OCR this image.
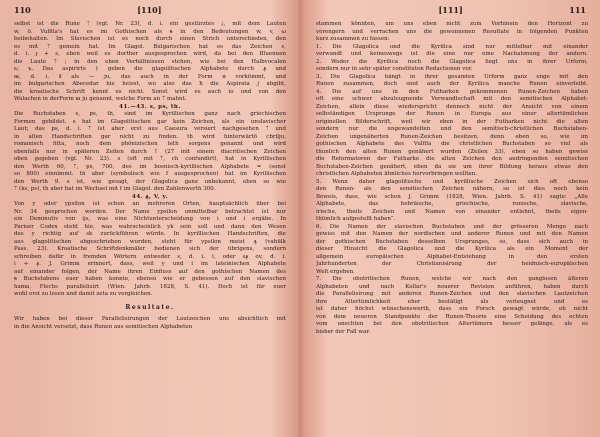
110	[110]
selbst ist die Rune ᛉ (vgl. Nr. 23), d. i. ein gestürztes ᛣ, mit dem Lauten
w, ō. Vulfila's hat es im Gothischen als ꞩ in den Bedeutungen w, v, ω
beibehalten. Im Slavischen ist es noch durch einen Strich unterschieden, den
es mit ᛘ gemein hat. Im Glagol. Bulgarischen hat es das Zeichen ꙅ,
d. i. ɟ + ꙅ, eben weil es dorther ausgesprochen wird, da bei den Bluennen
die Laute ᛘ ; in den eben Verhältnissen stehen, wie bei den Halbvocalen
ь; ъ. Das aspirirte ᛒ geben die glagolitischen Alphabete durch ꙟ und
ꙗ, d. i. ꙋ als — ju, das auch in der Form ꙩ vorkömmt, und
im bulgarischen Abecedar hie heisst, wo also das ħ die Aspirata j abgibt,
die kroatische Schrift kennt es nicht. Sonst wird es auch io und von den
Walachen in derForm ꙗ ju genannt, welche Form an ᛘ mahnt.
41.—43. s, ps, th.
Die Buchstaben s, ps, th, sind im Kyrillischen ganz nach griechischen
Formen gebildet. s hat im Glagolitischen gar kein Zeichen, als ein unslavischer
Laut; das ps, d. i. ᛘ ist aber erst aus Caesura versiert nachgesehen ᛘ und
in alten Handschriften gar nicht zu finden. th wird hinterwärtö cbrilju,
romanisch fitta, noch dem phönizischen teth sorgens genannt und wird
ebenfalls nur in späteren Zeiten durch ↑ (27 mit einem diacritischen Zeichen
oben gegeben (vgl. Nr. 23). s (oft mit ᛘ, ch confundirt), hat in Kyrillischen
den Werth 60, ᛘ, ps, 700, des im bosnisch-kyrillischen Alphabete = (sonst
so 800) einnimmt. th aber (symbolisch wie f ausgesprochen) hat im Kyrillischen
den Werth 9. s ist, wie gesagt, der Glagolica ganz unbekannt, eben so wie
ᛘ (ks, ps), th aber hat im Wechsel mit f im Glagol. den Zahlenwerth 300.
44. ꙟ, V, y.
Von y oder ypsilon ist schon an mehreren Orten, hauptsächlich über bei
Nr. 34 gesprochen worden. Der Name ypsilon unmittelbar betrachtet ist nur
ein Deminutiv von ijs, was eine Nichtunterscheidung von i und i ergäbe. In
Pariser Codex steht hie, was wahrscheinlich yk sein soll und dann den Wesen
des y richtig auf sk zurückführen würde. In kyrillischen Handschriften, die
aus glagolitischen abgeschrieben wurden, steht für ypsilon meist ꙟ (vahülk
Pass. 23). Kroatische Schriftdenkmäler bedienen sich der übrigens, sondern
schreiben dafür in fremden Wörtern entweder ꙅ, d. i. i, oder ꙅꙟ ov, d. i.
i + ꙟ. J. Grimm erinnert, dass, weil y und i im lateinischen Alphabete
auf einander folgen, der Name ihren Einfluss auf den gothischen Namen des
ꞩ Buchstabens euer haben konnte, ebenso wie er gebessen auf den slavischen
hama, Flechs parallelisirt (Wien. Jahrb. 1828, S. 41). Doch ist für euer
wohl erst zu lesen und damit zeta zu vergleichen.
Resultate.
Wir haben bei dieser Parallelisirungen der Lautzeichen uns absichtlich mit
in die Ansicht versetzt, dass Runen aus semitischen Alphabeten
[111]	111
stammen könnten, um uns eben nicht zum Vorhinein den Horizont zu
verengern und verrachen uns die gewonnenen Resultate in folgenden Punkten
kurz zusammen zu fassen:
1. Die Glagolica und die Kyrilica sind nur mittelbar mit einander
verwandt und keineswegs ist die eine nur eine Nachahmung der andern.
2. Weder die Kyrilica noch die Glagolica liegt uns in ihrer Urform,
sondern nur in sehr später constituten Redactionen vor.
3. Die Glagolica hängt in ihrer gesamten Urform ganz enge mit den
Runen zusammen, doch sind auch der Kyrilica manche Runen einverleibt.
4. Die auf uns in den Futharken gekommenen Runen-Zeichen haben
oft eine schwer abzuleugnende Verwandtschaft mit den semitischen Alphabet-
Zeichen, allein diese wiederspricht dennoch nicht der Ansicht von einem
selbständigen Ursprunge der Runen in Europa aus einer altertümlichen
originellen Bilderschrift, weil wir eben in der Futharken nicht die alten
sondern nur die ungewandelten und den semitisch-christlichen Buchstaben-
Zeichen ungenäherten Runen-Zeichen besitzen, denn eben so, wie im
gothischen Alphabete des Vulfila die christlichen Buchstaben so viel als
thunlich den alten Runen genähert wurden (Zeilen 33), eben so haben gewiss
die Reformatoren der Futharke die alten Zeichen den andringenden semitischen
Buchstaben-Zeichen genähert, eben da sie um ihrer Bildung heraus etwas den
christlichen Alphabeten ähnliches hervorbringen wollten.
5. Wenn daher glagolitische und kyrillische Zeichen sich oft ebenso
den Runen- als den semitischen Zeichen nähern, so ist dies noch kein
Beweis, dass, wie schon J. Grimm (1828, Wien. Jahrb. S. 41) sagte: „Alle
Alphabete, das hebräische, griechische, runische, slavische,
irische, theils Zeichen und Namen von einander entlehnt, theils eigen-
thümlich aufgestellt haben“.
6. Die Namen der slavischen Buchstaben und der grösseren Menge nach
gewiss mit den Namen der nordischen und anderer Runen und mit den Namen
der gothischen Buchstaben desselben Ursprunges, so, dass sich auch in
dieser Hinsicht die Glagolica und die Kyrilica als ein Moment der
allgemein europäischen Alphabet-Entstehung in den ersten
Jahrhunderten der Christianisirung der heidnisch-europäischen
Welt ergeben.
7. Die obotritischen Runen, welche wir nach den ganglosen älteren
Alphabeten und nach Kollár's neuerer Revision anführen, haben durch
die Parallelisirung mit anderen Runen-Zeichen und den slavischen Lautzeichen
ihre Altertümlichkeit eher bestätigt als verleugnet und es
ist daher höchst wünschenswerth, dass ein Forsch gewagt würde, ob nicht
von dem neueren Standpunkte der Runen-Theorie eine Scheidung des echten
vom unechten bei den obotritischen Altertümern besser gelänge, als es
bisher der Fall war.
